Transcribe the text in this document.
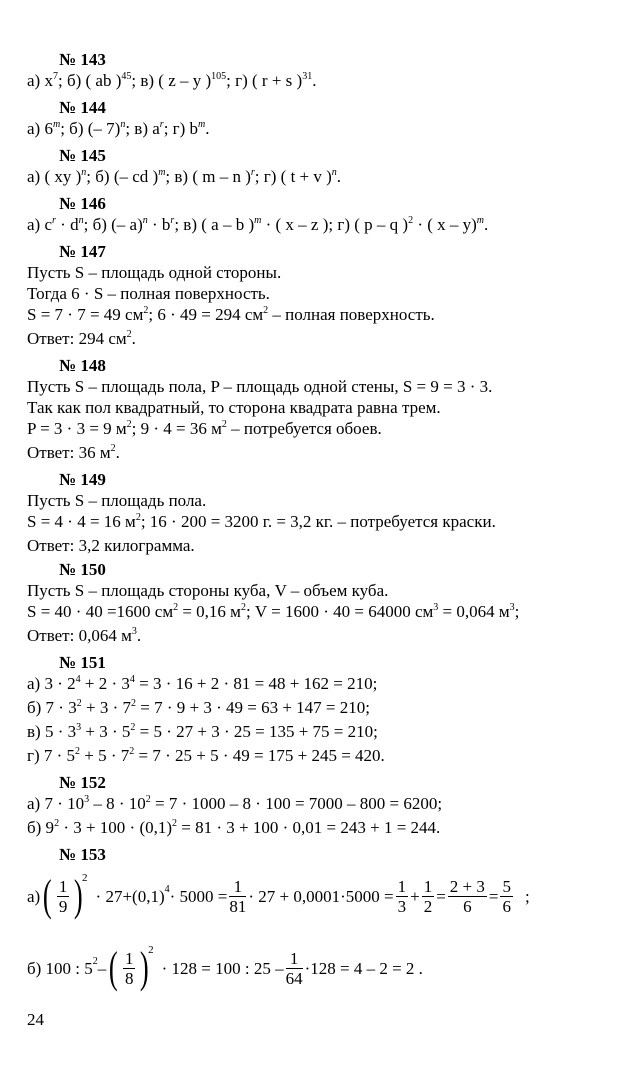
№ 143
а) $x^7$; б) ( ab )$^{45}$; в) ( z – y )$^{105}$; г) ( r + s )$^{31}$.
№ 144
а) 6$^m$; б) (– 7)$^n$; в) $a^r$; г) $b^m$.
№ 145
а) ( xy )$^n$; б) (– cd )$^m$; в) ( m – n )$^r$; г) ( t + v )$^n$.
№ 146
а) $c^r \cdot d^n$; б) (– $a)^n \cdot b^r$; в) ( a – b )$^m$ · ( x – z ); г) ( p – q )$^2$ · ( x – y)$^m$.
№ 147
Пусть S – площадь одной стороны.
Тогда 6 · S – полная поверхность.
S = 7 · 7 = 49 $см^2$; 6 · 49 = 294 $см^2$ – полная поверхность.
Ответ: 294 $см^2$.
№ 148
Пусть S – площадь пола, P – площадь одной стены, S = 9 = 3 · 3.
Так как пол квадратный, то сторона квадрата равна трем.
P = 3 · 3 = 9 $м^2$; 9 · 4 = 36 $м^2$ – потребуется обоев.
Ответ: 36 $м^2$.
№ 149
Пусть S – площадь пола.
S = 4 · 4 = 16 $м^2$; 16 · 200 = 3200 г. = 3,2 кг. – потребуется краски.
Ответ: 3,2 килограмма.
№ 150
Пусть S – площадь стороны куба, V – объем куба.
S = 40 · 40 =1600 $см^2 = 0,16$ $м^2$; V = 1600 · 40 = 64000 $см^3 = 0,064$ $м^3$;
Ответ: 0,064 $м^3$.
№ 151
а) $3 \cdot 2^4 + 2 \cdot 3^4 = 3 \cdot 16 + 2 \cdot 81 = 48 + 162 = 210$;
б) $7 \cdot 3^2 + 3 \cdot 7^2 = 7 \cdot 9 + 3 \cdot 49 = 63 + 147 = 210$;
в) $5 \cdot 3^3 + 3 \cdot 5^2 = 5 \cdot 27 + 3 \cdot 25 = 135 + 75 = 210$;
г) $7 \cdot 5^2 + 5 \cdot 7^2 = 7 \cdot 25 + 5 \cdot 49 = 175 + 245 = 420$.
№ 152
а) $7 \cdot 10^3 - 8 \cdot 10^2 = 7 \cdot 1000 - 8 \cdot 100 = 7000 - 800 = 6200$;
б) $9^2 \cdot 3 + 100 \cdot (0,1)^2 = 81 \cdot 3 + 100 \cdot 0,01 = 243 + 1 = 244$.
№ 153
а) ( $\frac{1}{9}$ )
2
· $27+(0,1)^4 \cdot 5000 = \frac{1}{81} \cdot 27 + 0,0001\cdot 5000 = \frac{1}{3} + \frac{1}{2} = \frac{2 + 3}{6} = \frac{5}{6}$ ;
б) 100 : $5^2$ – ( $\frac{1}{8}$ )
2
· 128 = 100 : $25 - \frac{1}{64} \cdot 128 = 4 - 2 = 2$ .
24
